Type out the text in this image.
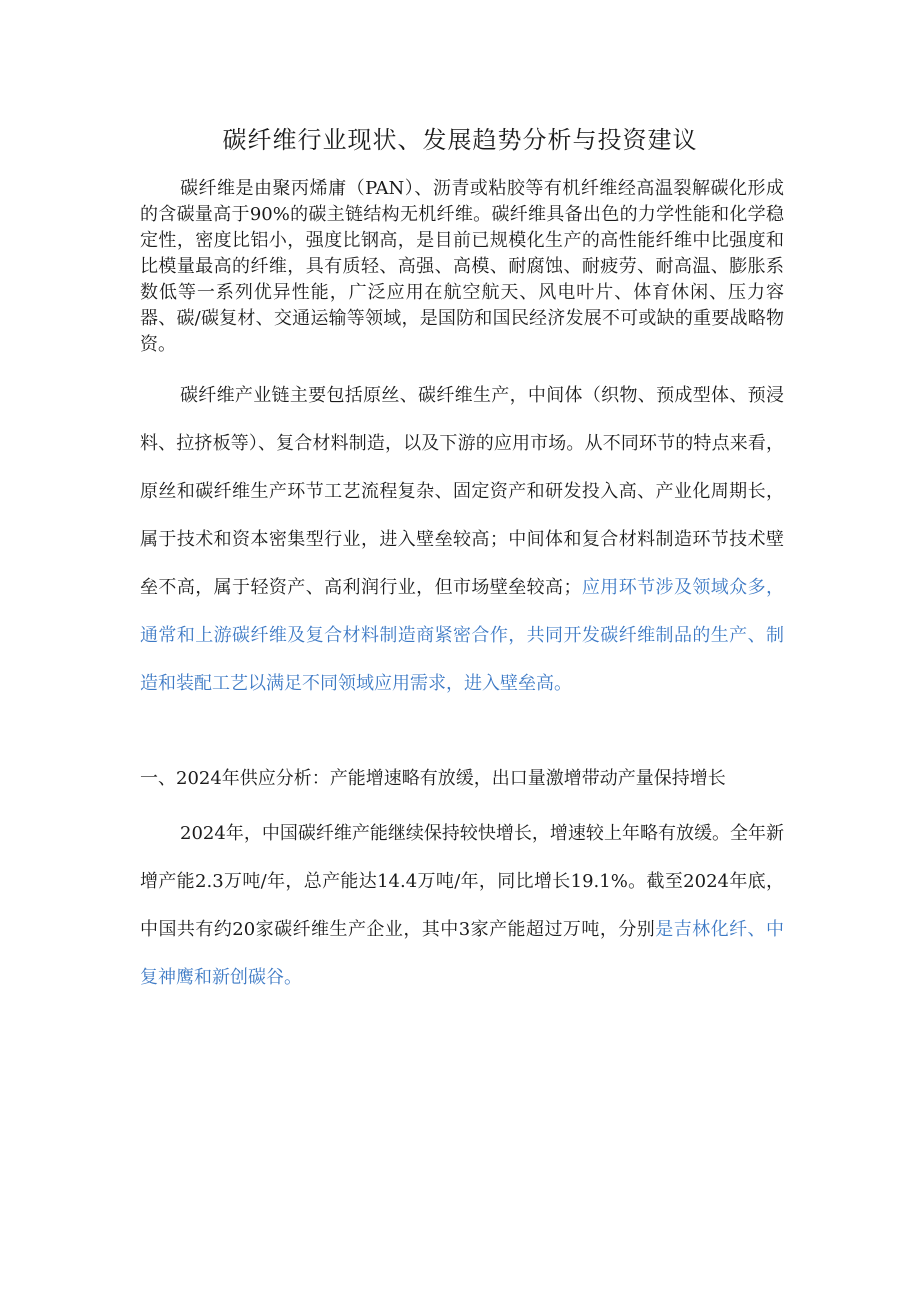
碳纤维行业现状、发展趋势分析与投资建议
碳纤维是由聚丙烯庸（PAN）、沥青或粘胶等有机纤维经高温裂解碳化形成的含碳量高于90%的碳主链结构无机纤维。碳纤维具备出色的力学性能和化学稳定性，密度比铝小，强度比钢高，是目前已规模化生产的高性能纤维中比强度和比模量最高的纤维，具有质轻、高强、高模、耐腐蚀、耐疲劳、耐高温、膨胀系数低等一系列优异性能，广泛应用在航空航天、风电叶片、体育休闲、压力容器、碳/碳复材、交通运输等领域，是国防和国民经济发展不可或缺的重要战略物资。
碳纤维产业链主要包括原丝、碳纤维生产，中间体（织物、预成型体、预浸料、拉挤板等）、复合材料制造，以及下游的应用市场。从不同环节的特点来看，原丝和碳纤维生产环节工艺流程复杂、固定资产和研发投入高、产业化周期长，属于技术和资本密集型行业，进入壁垒较高；中间体和复合材料制造环节技术壁垒不高，属于轻资产、高利润行业，但市场壁垒较高；应用环节涉及领域众多，通常和上游碳纤维及复合材料制造商紧密合作，共同开发碳纤维制品的生产、制造和装配工艺以满足不同领域应用需求，进入壁垒高。
一、2024年供应分析：产能增速略有放缓，出口量激增带动产量保持增长
2024年，中国碳纤维产能继续保持较快增长，增速较上年略有放缓。全年新增产能2.3万吨/年，总产能达14.4万吨/年，同比增长19.1%。截至2024年底，中国共有约20家碳纤维生产企业，其中3家产能超过万吨，分别是吉林化纤、中复神鹰和新创碳谷。
